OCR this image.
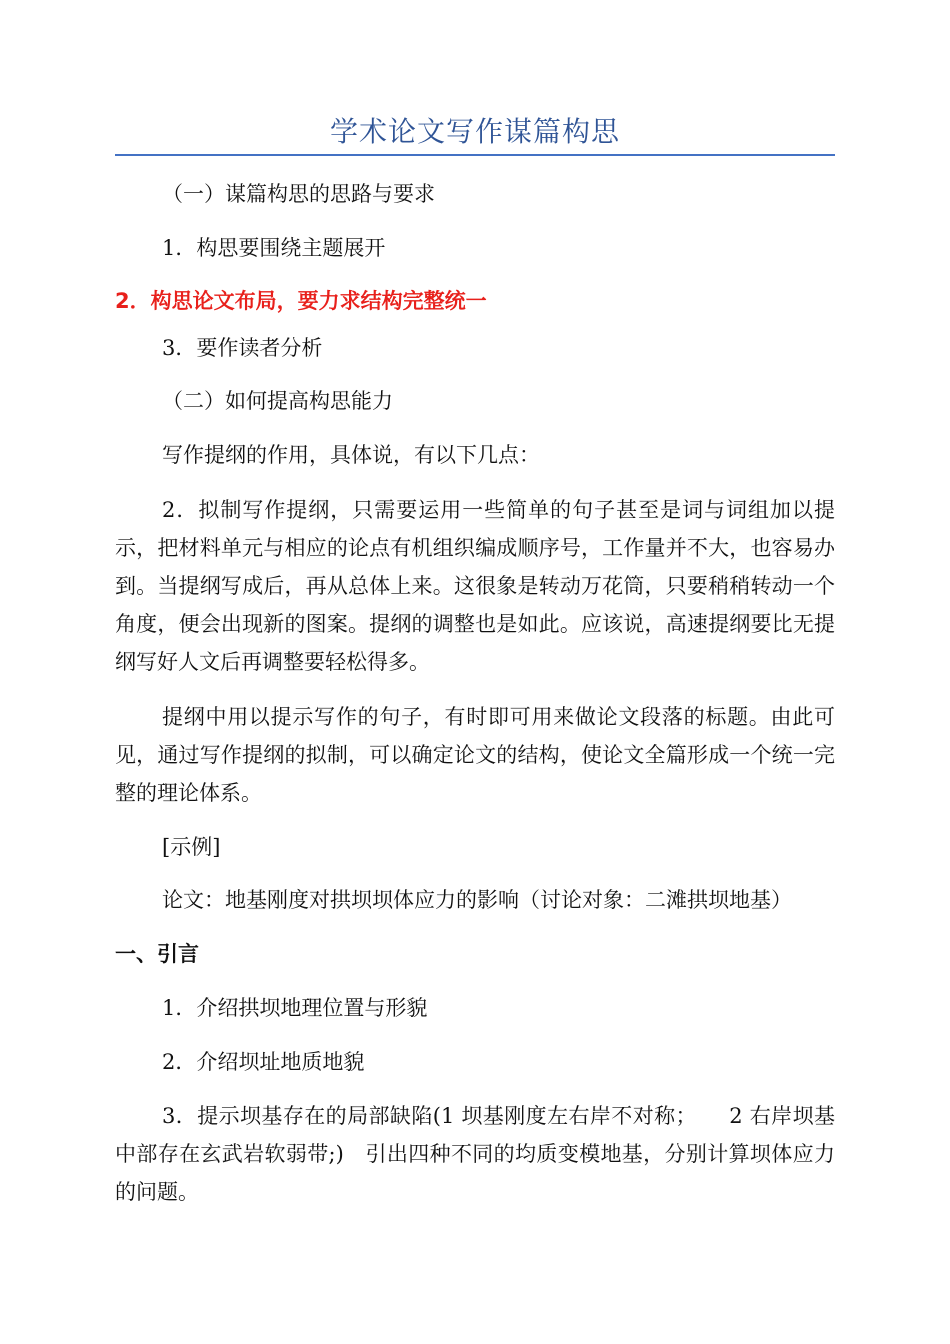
学术论文写作谋篇构思
（一）谋篇构思的思路与要求
1．构思要围绕主题展开
2．构思论文布局，要力求结构完整统一
3．要作读者分析
（二）如何提高构思能力
写作提纲的作用，具体说，有以下几点：
2．拟制写作提纲，只需要运用一些简单的句子甚至是词与词组加以提示，把材料单元与相应的论点有机组织编成顺序号，工作量并不大，也容易办到。当提纲写成后，再从总体上来。这很象是转动万花筒，只要稍稍转动一个角度，便会出现新的图案。提纲的调整也是如此。应该说，高速提纲要比无提纲写好人文后再调整要轻松得多。
提纲中用以提示写作的句子，有时即可用来做论文段落的标题。由此可见，通过写作提纲的拟制，可以确定论文的结构，使论文全篇形成一个统一完整的理论体系。
[示例]
论文：地基刚度对拱坝坝体应力的影响（讨论对象：二滩拱坝地基）
一、引言
1．介绍拱坝地理位置与形貌
2．介绍坝址地质地貌
3．提示坝基存在的局部缺陷(1 坝基刚度左右岸不对称；　　2 右岸坝基中部存在玄武岩软弱带;)　引出四种不同的均质变模地基，分别计算坝体应力的问题。
